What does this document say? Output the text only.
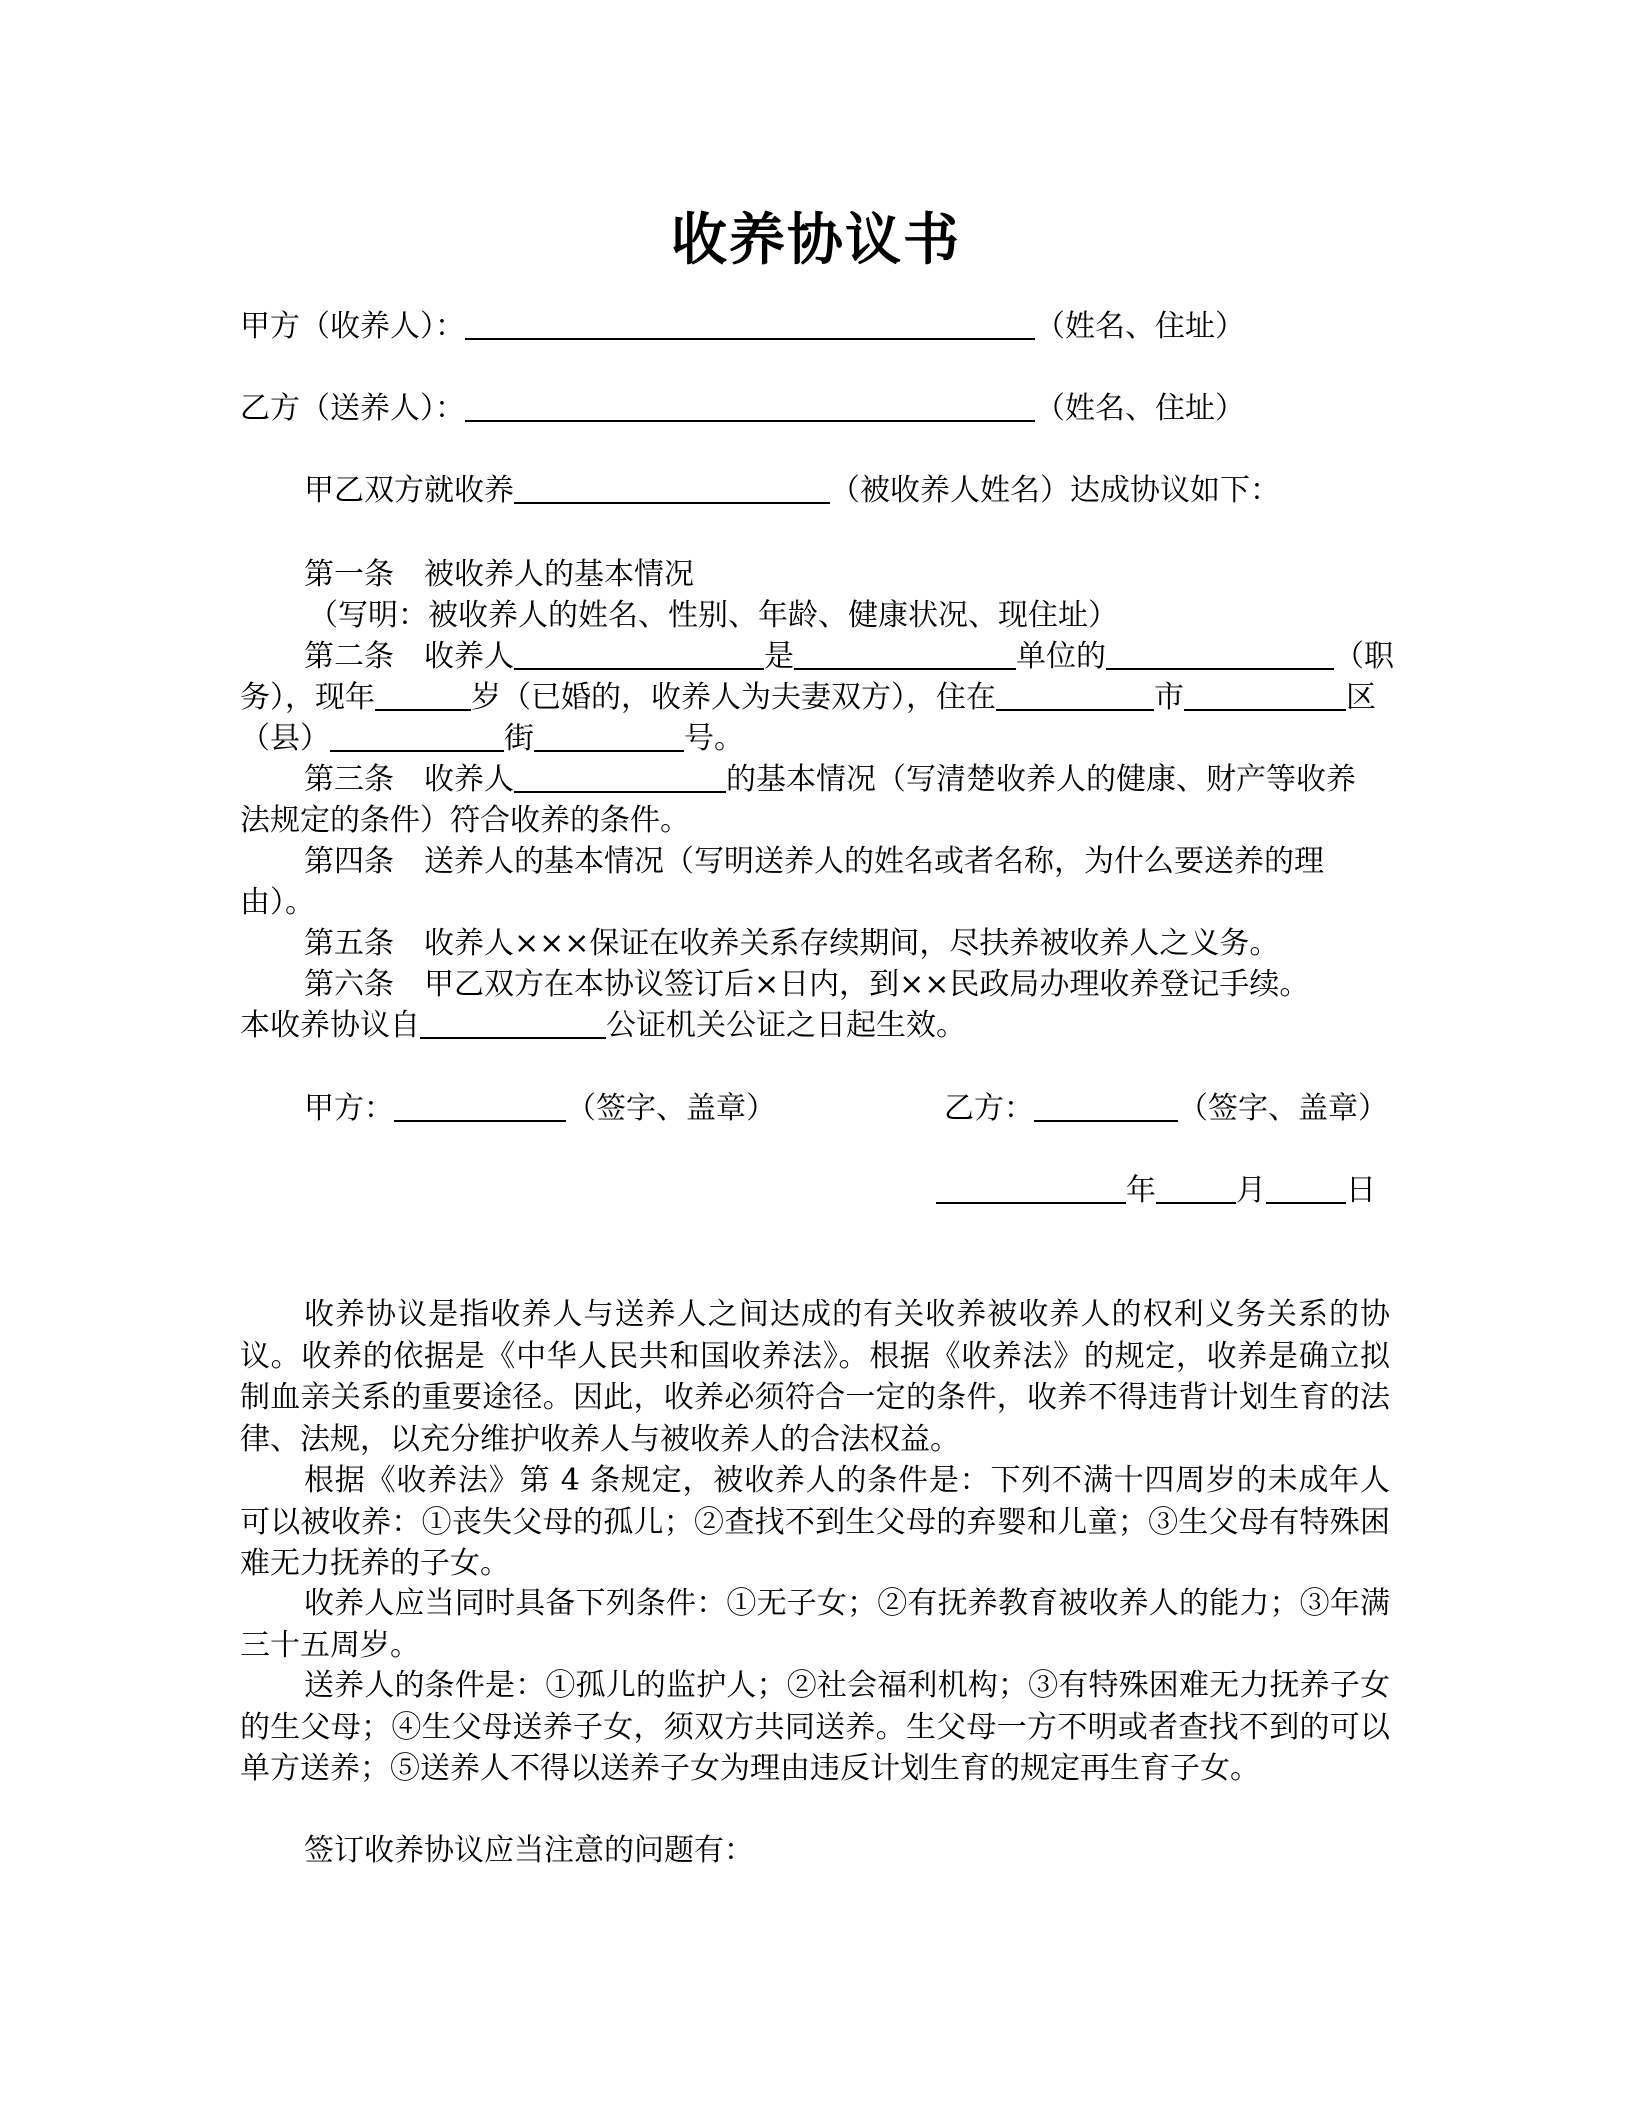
收养协议书
甲方（收养人）：	（姓名、住址）
乙方（送养人）：	（姓名、住址）
甲乙双方就收养	（被收养人姓名）达成协议如下：
第一条　被收养人的基本情况
（写明：被收养人的姓名、性别、年龄、健康状况、现住址）
第二条　收养人	是	单位的	（职
务），现年	岁（已婚的，收养人为夫妻双方），住在	市	区
（县）	街	号。
第三条　收养人	的基本情况（写清楚收养人的健康、财产等收养
法规定的条件）符合收养的条件。
第四条　送养人的基本情况（写明送养人的姓名或者名称，为什么要送养的理
由）。
第五条　收养人×××保证在收养关系存续期间，尽扶养被收养人之义务。
第六条　甲乙双方在本协议签订后×日内，到××民政局办理收养登记手续。
本收养协议自	公证机关公证之日起生效。
甲方：	（签字、盖章）	乙方：	（签字、盖章）
年	月	日
收养协议是指收养人与送养人之间达成的有关收养被收养人的权利义务关系的协议。收养的依据是《中华人民共和国收养法》。根据《收养法》的规定，收养是确立拟制血亲关系的重要途径。因此，收养必须符合一定的条件，收养不得违背计划生育的法律、法规，以充分维护收养人与被收养人的合法权益。
根据《收养法》第 4 条规定，被收养人的条件是：下列不满十四周岁的未成年人可以被收养：①丧失父母的孤儿；②查找不到生父母的弃婴和儿童；③生父母有特殊困难无力抚养的子女。
收养人应当同时具备下列条件：①无子女；②有抚养教育被收养人的能力；③年满三十五周岁。
送养人的条件是：①孤儿的监护人；②社会福利机构；③有特殊困难无力抚养子女的生父母；④生父母送养子女，须双方共同送养。生父母一方不明或者查找不到的可以单方送养；⑤送养人不得以送养子女为理由违反计划生育的规定再生育子女。
签订收养协议应当注意的问题有：
